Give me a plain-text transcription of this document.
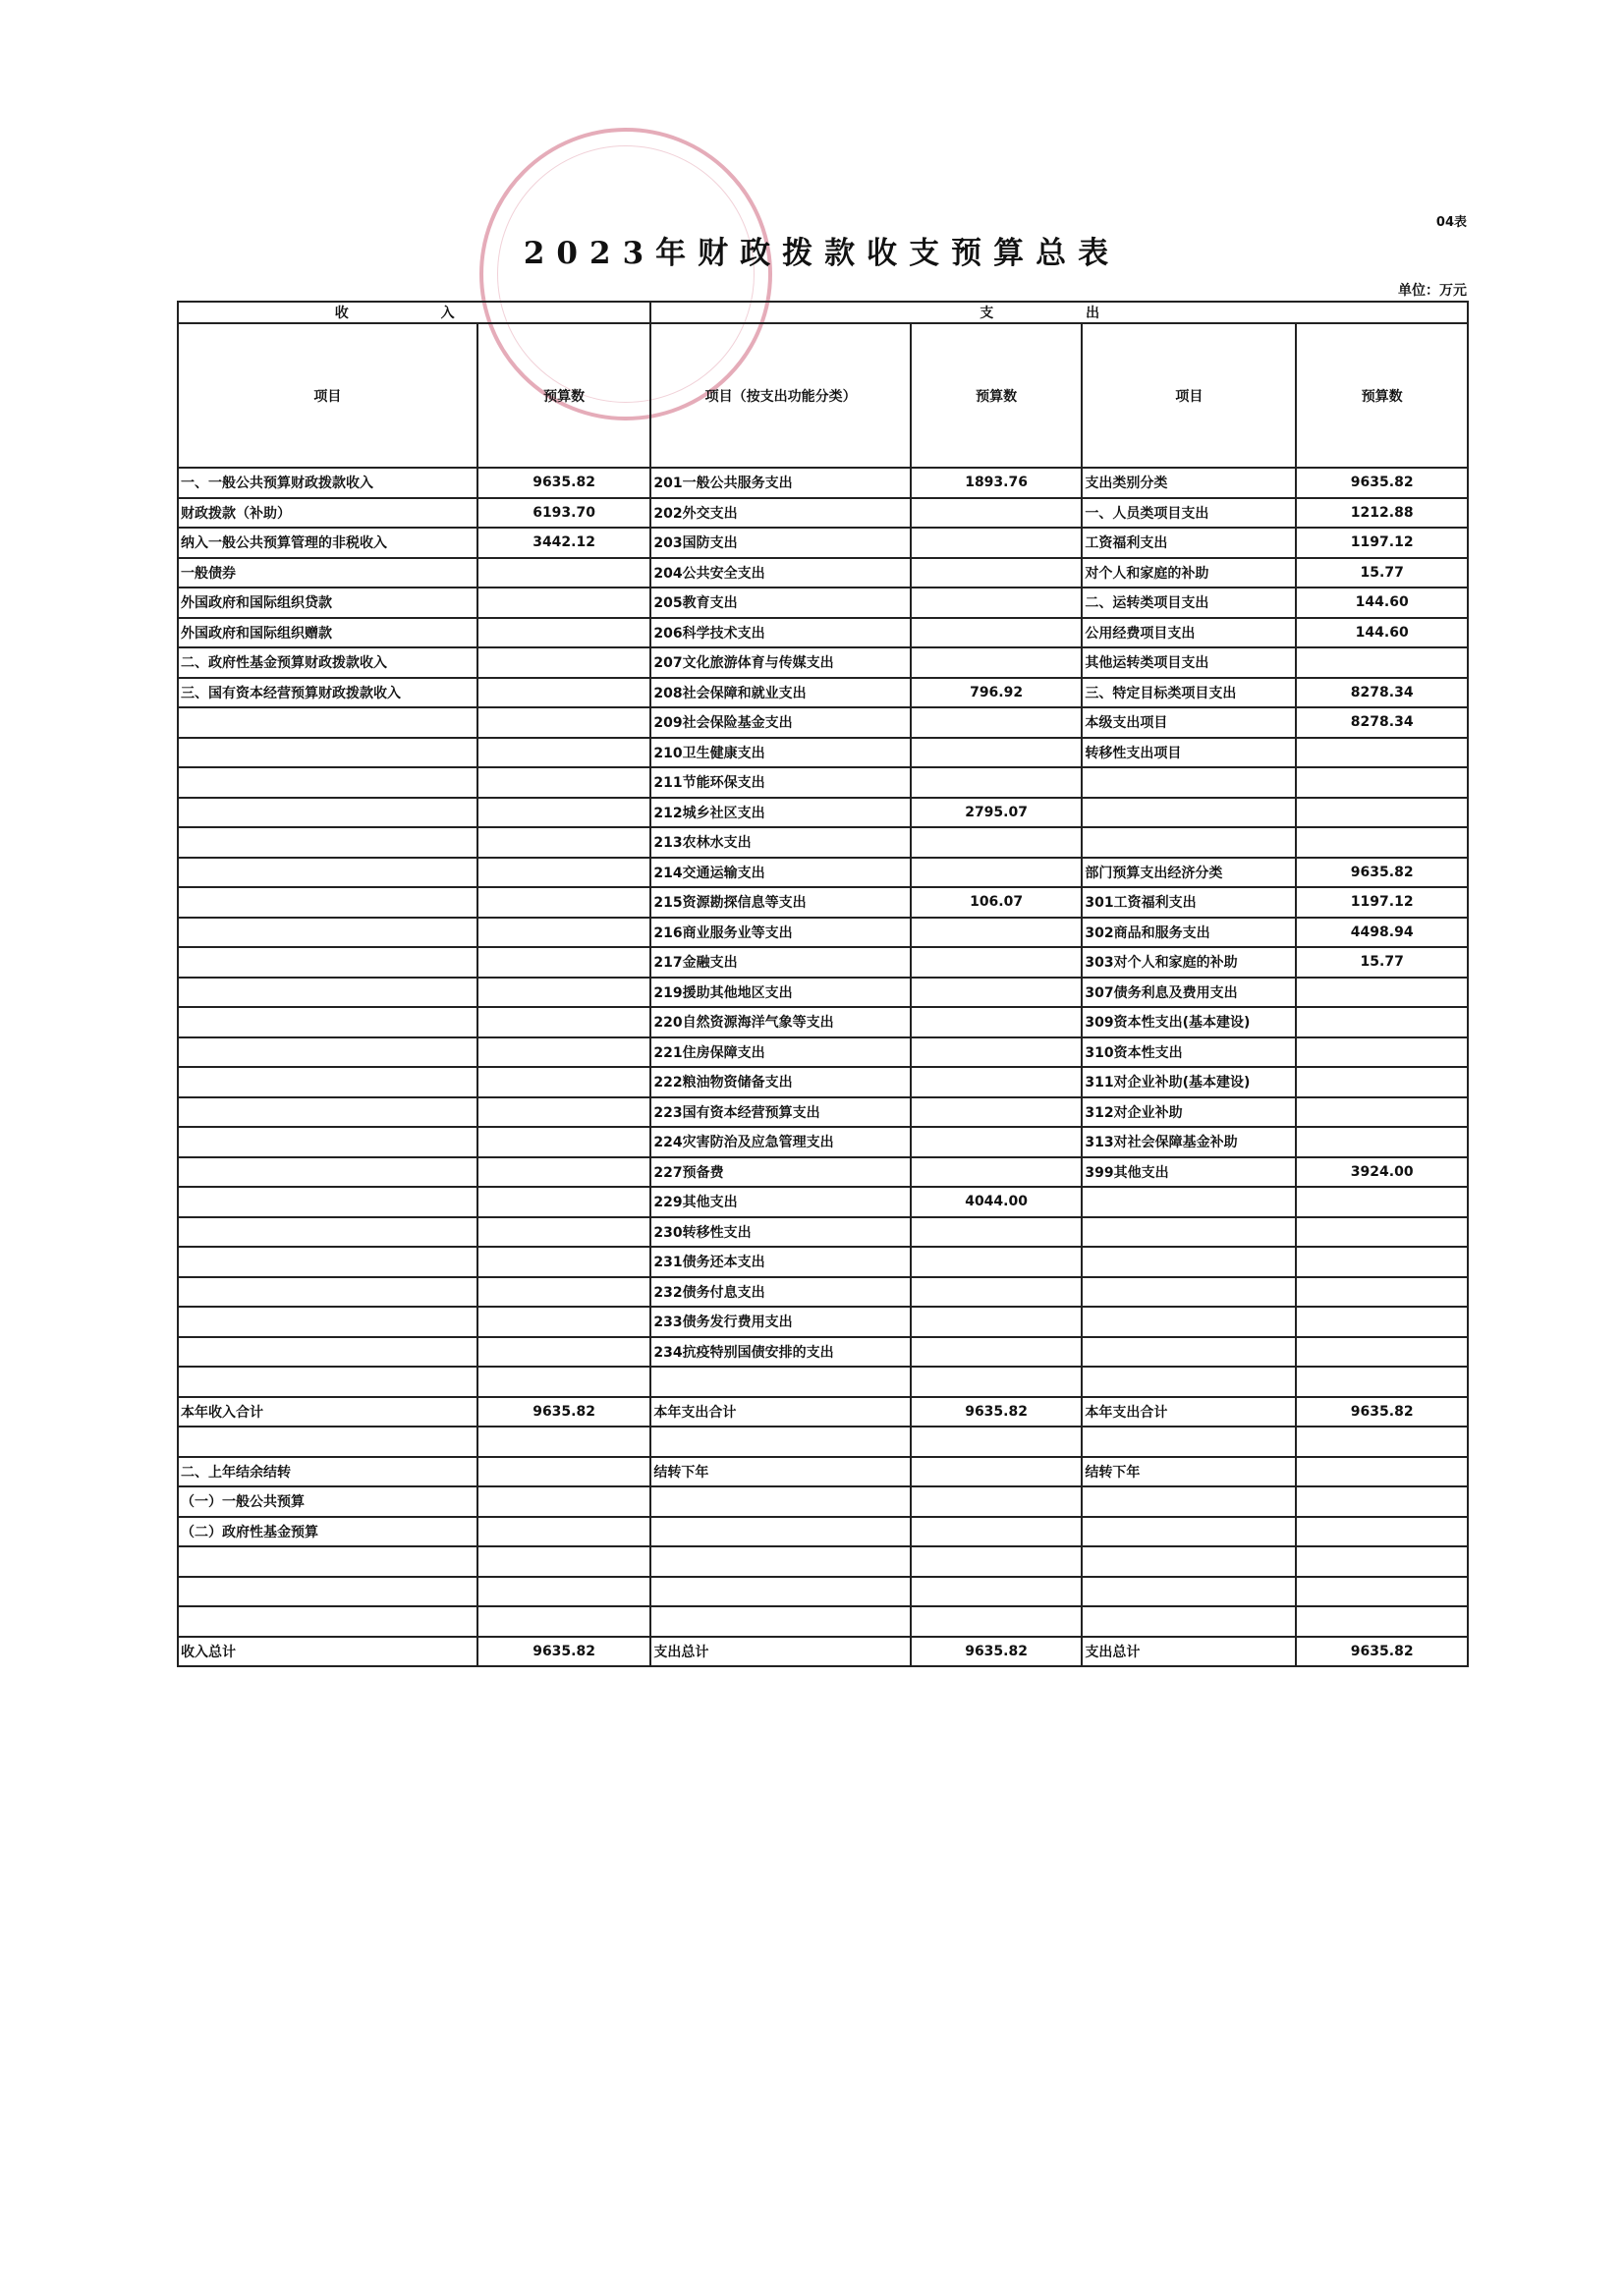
04表
2023年财政拨款收支预算总表
单位：万元
收　入		支　出			
项目	预算数	项目（按支出功能分类）	预算数	项目	预算数
一、一般公共预算财政拨款收入	9635.82	201一般公共服务支出	1893.76	支出类别分类	9635.82
财政拨款（补助）	6193.70	202外交支出		一、人员类项目支出	1212.88
纳入一般公共预算管理的非税收入	3442.12	203国防支出		工资福利支出	1197.12
一般债券		204公共安全支出		对个人和家庭的补助	15.77
外国政府和国际组织贷款		205教育支出		二、运转类项目支出	144.60
外国政府和国际组织赠款		206科学技术支出		公用经费项目支出	144.60
二、政府性基金预算财政拨款收入		207文化旅游体育与传媒支出		其他运转类项目支出	
三、国有资本经营预算财政拨款收入		208社会保障和就业支出	796.92	三、特定目标类项目支出	8278.34
		209社会保险基金支出		本级支出项目	8278.34
		210卫生健康支出		转移性支出项目	
		211节能环保支出			
		212城乡社区支出	2795.07		
		213农林水支出			
		214交通运输支出		部门预算支出经济分类	9635.82
		215资源勘探信息等支出	106.07	301工资福利支出	1197.12
		216商业服务业等支出		302商品和服务支出	4498.94
		217金融支出		303对个人和家庭的补助	15.77
		219援助其他地区支出		307债务利息及费用支出	
		220自然资源海洋气象等支出		309资本性支出(基本建设)	
		221住房保障支出		310资本性支出	
		222粮油物资储备支出		311对企业补助(基本建设)	
		223国有资本经营预算支出		312对企业补助	
		224灾害防治及应急管理支出		313对社会保障基金补助	
		227预备费		399其他支出	3924.00
		229其他支出	4044.00		
		230转移性支出			
		231债务还本支出			
		232债务付息支出			
		233债务发行费用支出			
		234抗疫特别国债安排的支出			

本年收入合计	9635.82	本年支出合计	9635.82	本年支出合计	9635.82

二、上年结余结转		结转下年		结转下年	
（一）一般公共预算					
（二）政府性基金预算					

收入总计	9635.82	支出总计	9635.82	支出总计	9635.82
